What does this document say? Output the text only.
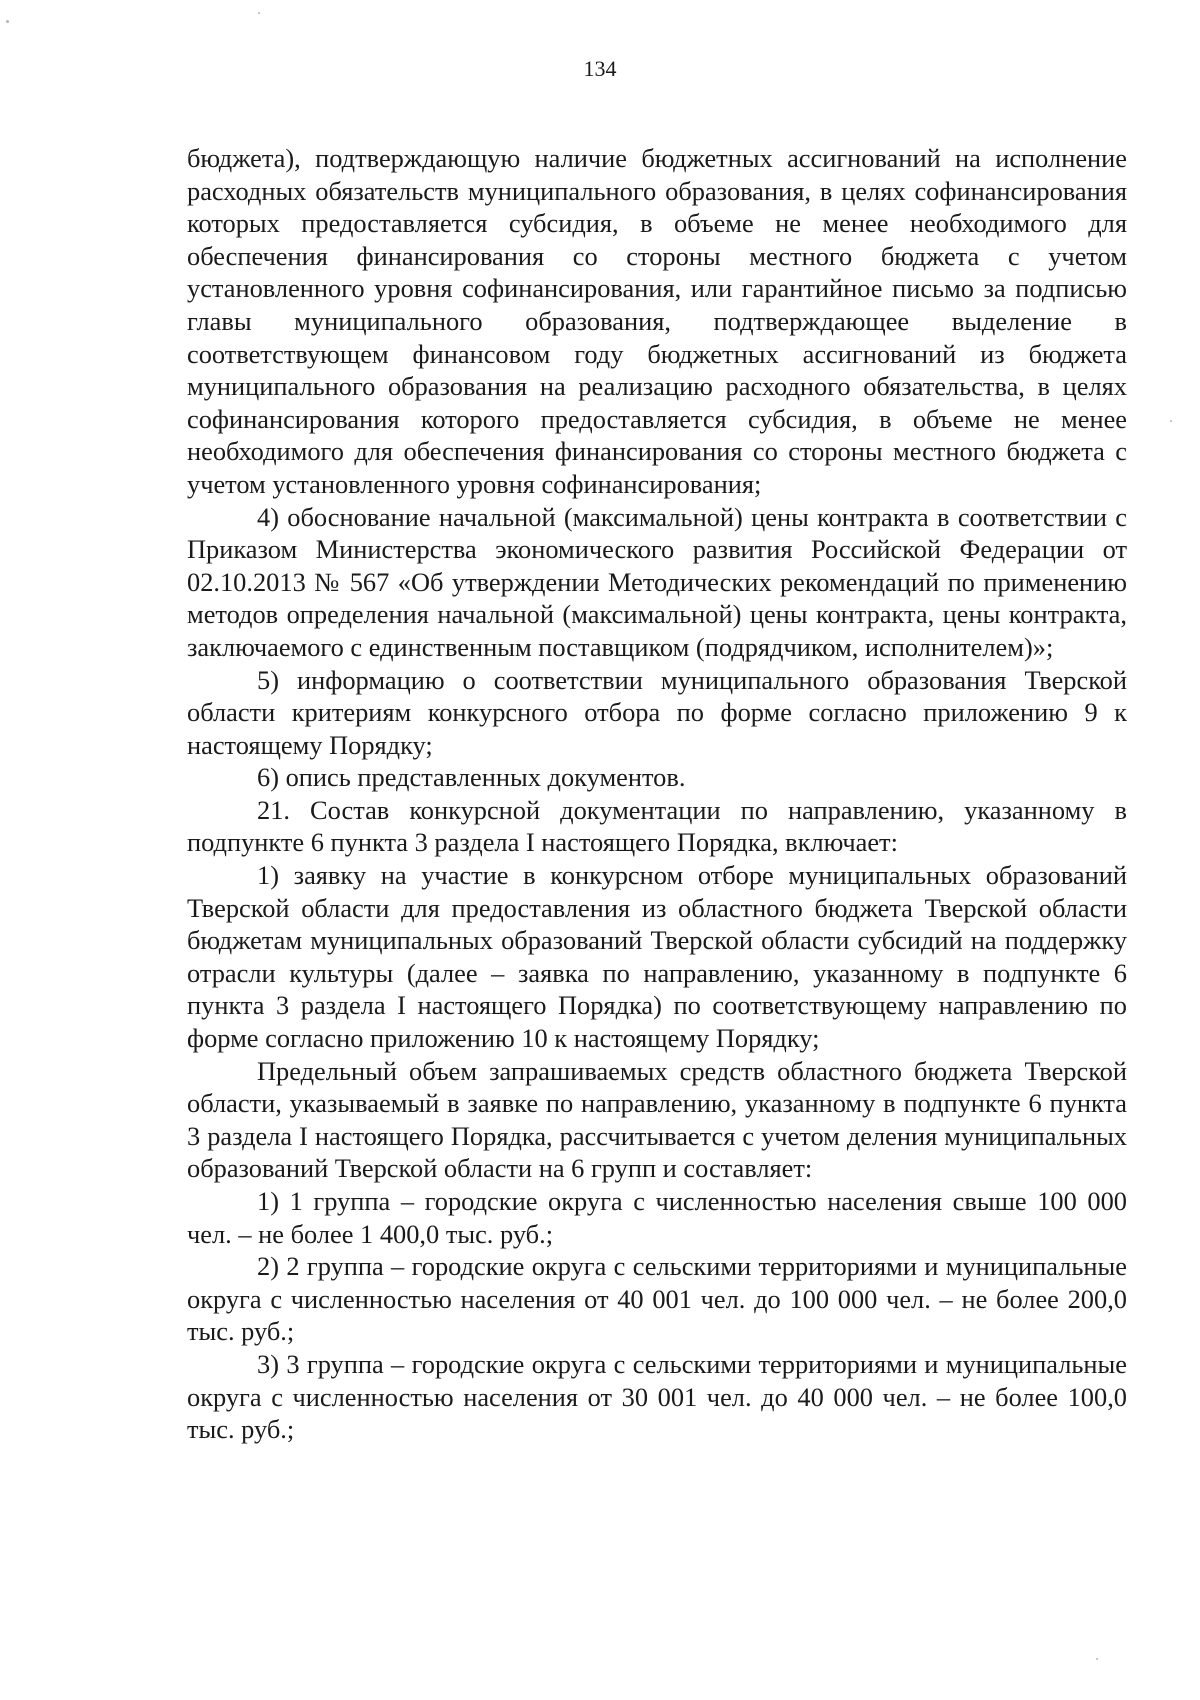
134

бюджета), подтверждающую наличие бюджетных ассигнований на исполнение расходных обязательств муниципального образования, в целях софинансирования которых предоставляется субсидия, в объеме не менее необходимого для обеспечения финансирования со стороны местного бюджета с учетом установленного уровня софинансирования, или гарантийное письмо за подписью главы муниципального образования, подтверждающее выделение в соответствующем финансовом году бюджетных ассигнований из бюджета муниципального образования на реализацию расходного обязательства, в целях софинансирования которого предоставляется субсидия, в объеме не менее необходимого для обеспечения финансирования со стороны местного бюджета с учетом установленного уровня софинансирования;

4) обоснование начальной (максимальной) цены контракта в соответствии с Приказом Министерства экономического развития Российской Федерации от 02.10.2013 № 567 «Об утверждении Методических рекомендаций по применению методов определения начальной (максимальной) цены контракта, цены контракта, заключаемого с единственным поставщиком (подрядчиком, исполнителем)»;

5) информацию о соответствии муниципального образования Тверской области критериям конкурсного отбора по форме согласно приложению 9 к настоящему Порядку;

6) опись представленных документов.

21. Состав конкурсной документации по направлению, указанному в подпункте 6 пункта 3 раздела I настоящего Порядка, включает:

1) заявку на участие в конкурсном отборе муниципальных образований Тверской области для предоставления из областного бюджета Тверской области бюджетам муниципальных образований Тверской области субсидий на поддержку отрасли культуры (далее – заявка по направлению, указанному в подпункте 6 пункта 3 раздела I настоящего Порядка) по соответствующему направлению по форме согласно приложению 10 к настоящему Порядку;

Предельный объем запрашиваемых средств областного бюджета Тверской области, указываемый в заявке по направлению, указанному в подпункте 6 пункта 3 раздела I настоящего Порядка, рассчитывается с учетом деления муниципальных образований Тверской области на 6 групп и составляет:

1) 1 группа – городские округа с численностью населения свыше 100 000 чел. – не более 1 400,0 тыс. руб.;

2) 2 группа – городские округа с сельскими территориями и муниципальные округа с численностью населения от 40 001 чел. до 100 000 чел. – не более 200,0 тыс. руб.;

3) 3 группа – городские округа с сельскими территориями и муниципальные округа с численностью населения от 30 001 чел. до 40 000 чел. – не более 100,0 тыс. руб.;
